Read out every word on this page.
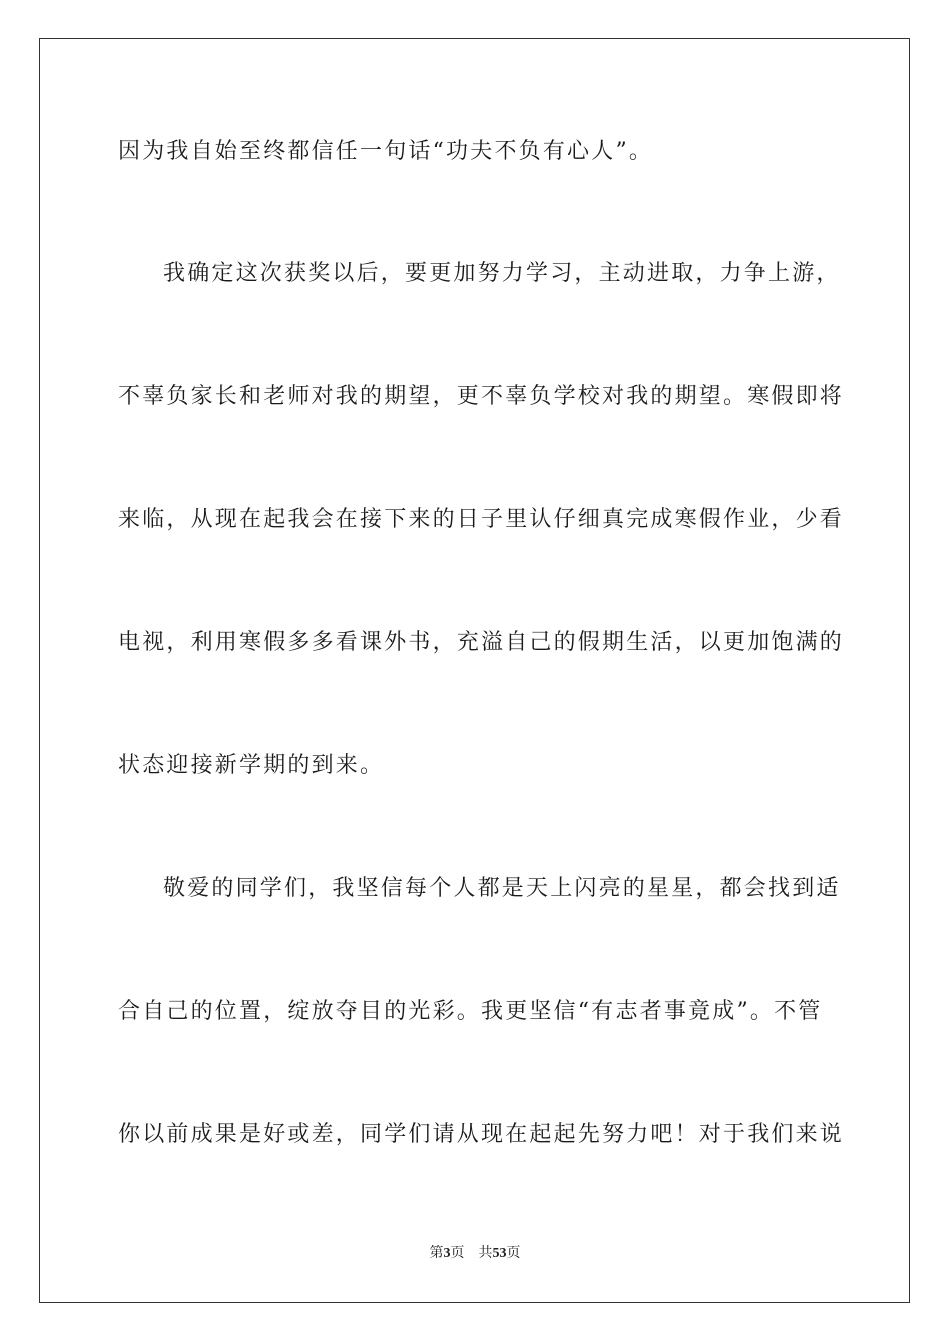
因为我自始至终都信任一句话“功夫不负有心人”。
我确定这次获奖以后，要更加努力学习，主动进取，力争上游，
不辜负家长和老师对我的期望，更不辜负学校对我的期望。寒假即将
来临，从现在起我会在接下来的日子里认仔细真完成寒假作业，少看
电视，利用寒假多多看课外书，充溢自己的假期生活，以更加饱满的
状态迎接新学期的到来。
敬爱的同学们，我坚信每个人都是天上闪亮的星星，都会找到适
合自己的位置，绽放夺目的光彩。我更坚信“有志者事竟成”。不管
你以前成果是好或差，同学们请从现在起起先努力吧！对于我们来说
第3页 共53页
